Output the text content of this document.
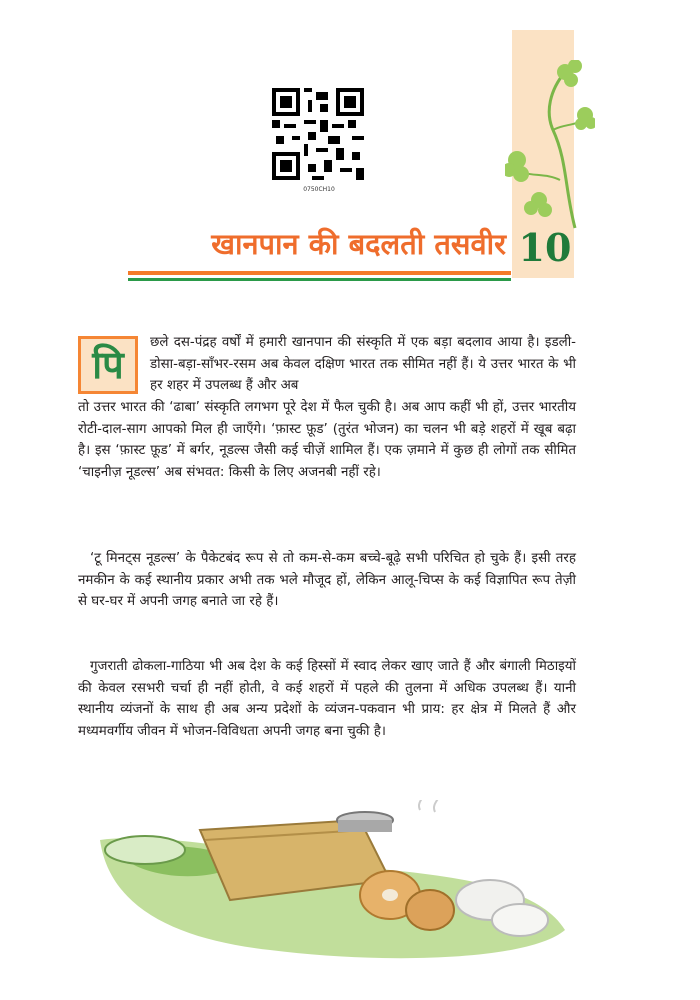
10
0750CH10
खानपान की बदलती तसवीर
पि
छले दस-पंद्रह वर्षों में हमारी खानपान की संस्कृति में एक बड़ा बदलाव आया है। इडली-डोसा-बड़ा-साँभर-रसम अब केवल दक्षिण भारत तक सीमित नहीं हैं। ये उत्तर भारत के भी हर शहर में उपलब्ध हैं और अब
तो उत्तर भारत की ‘ढाबा’ संस्कृति लगभग पूरे देश में फैल चुकी है। अब आप कहीं भी हों, उत्तर भारतीय रोटी-दाल-साग आपको मिल ही जाएँगे। ‘फ़ास्ट फ़ूड’ (तुरंत भोजन) का चलन भी बड़े शहरों में खूब बढ़ा है। इस ‘फ़ास्ट फ़ूड’ में बर्गर, नूडल्स जैसी कई चीज़ें शामिल हैं। एक ज़माने में कुछ ही लोगों तक सीमित ‘चाइनीज़ नूडल्स’ अब संभवत: किसी के लिए अजनबी नहीं रहे।
‘टू मिनट्स नूडल्स’ के पैकेटबंद रूप से तो कम-से-कम बच्चे-बूढ़े सभी परिचित हो चुके हैं। इसी तरह नमकीन के कई स्थानीय प्रकार अभी तक भले मौजूद हों, लेकिन आलू-चिप्स के कई विज्ञापित रूप तेज़ी से घर-घर में अपनी जगह बनाते जा रहे हैं।
गुजराती ढोकला-गाठिया भी अब देश के कई हिस्सों में स्वाद लेकर खाए जाते हैं और बंगाली मिठाइयों की केवल रसभरी चर्चा ही नहीं होती, वे कई शहरों में पहले की तुलना में अधिक उपलब्ध हैं। यानी स्थानीय व्यंजनों के साथ ही अब अन्य प्रदेशों के व्यंजन-पकवान भी प्राय: हर क्षेत्र में मिलते हैं और मध्यमवर्गीय जीवन में भोजन-विविधता अपनी जगह बना चुकी है।
